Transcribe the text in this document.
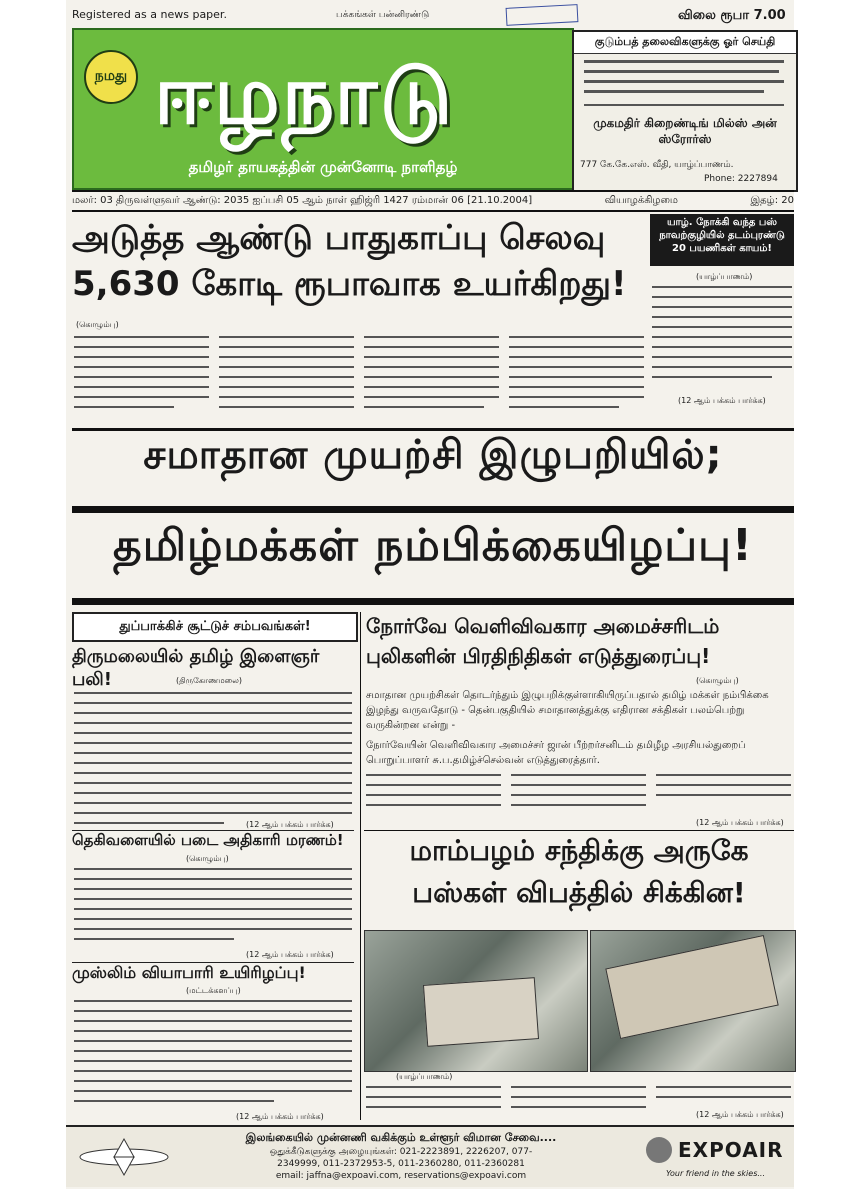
Registered as a news paper.	பக்கங்கள் பன்னிரண்டு	விலை ரூபா 7.00
நமது ஈழநாடு
தமிழர் தாயகத்தின் முன்னோடி நாளிதழ்
குடும்பத் தலைவிகளுக்கு ஓர் செய்தி
முகமதிர் கிறைண்டிங் மில்ஸ் அன் ஸ்ரோர்ஸ்
777 கே.கே.எஸ். வீதி, யாழ்ப்பாணம்.
Phone: 2227894
மலர்: 03 திருவள்ளுவர் ஆண்டு: 2035 ஐப்பசி 05 ஆம் நாள் ஹிஜ்ரி 1427 ரம்மான் 06 [21.10.2004]	வியாழக்கிழமை	இதழ்: 20
அடுத்த ஆண்டு பாதுகாப்பு செலவு
5,630 கோடி ரூபாவாக உயர்கிறது!
(கொழும்பு)
யாழ். நோக்கி வந்த பஸ் நாவற்குழியில் தடம்புரண்டு 20 பயணிகள் காயம்!
(யாழ்ப்பாணம்)
(12 ஆம் பக்கம் பார்க்க)
சமாதான முயற்சி இழுபறியில்;
தமிழ்மக்கள் நம்பிக்கையிழப்பு!
துப்பாக்கிச் சூட்டுச் சம்பவங்கள்!
திருமலையில் தமிழ் இளைஞர் பலி!	(திருகோணமலை)
(12 ஆம் பக்கம் பார்க்க)
தெகிவளையில் படை அதிகாரி மரணம்!
(கொழும்பு)
(12 ஆம் பக்கம் பார்க்க)
முஸ்லிம் வியாபாரி உயிரிழப்பு!
(மட்டக்களப்பு)
(12 ஆம் பக்கம் பார்க்க)
நோர்வே வெளிவிவகார அமைச்சரிடம்
புலிகளின் பிரதிநிதிகள் எடுத்துரைப்பு!
(கொழும்பு)
சமாதான முயற்சிகள் தொடர்ந்தும் இழுபறிக்குள்ளாகியிருப்பதால் தமிழ் மக்கள் நம்பிக்கை இழந்து வருவதோடு - தென்பகுதியில் சமாதானத்துக்கு எதிரான சக்திகள் பலம்பெற்று வருகின்றன என்று -
நோர்வேயின் வெளிவிவகார அமைச்சர் ஜான் பீற்றர்சனிடம் தமிழீழ அரசியல்துறைப் பொறுப்பாளர் சு.ப.தமிழ்ச்செல்வன் எடுத்துரைத்தார்.
(12 ஆம் பக்கம் பார்க்க)
மாம்பழம் சந்திக்கு அருகே
பஸ்கள் விபத்தில் சிக்கின!
(யாழ்ப்பாணம்)
(12 ஆம் பக்கம் பார்க்க)
இலங்கையில் முன்னணி வகிக்கும் உள்ளூர் விமான சேவை....
ஒதுக்கீடுகளுக்கு அழையுங்கள்: 021-2223891, 2226207, 077-
2349999, 011-2372953-5, 011-2360280, 011-2360281
email: jaffna@expoavi.com, reservations@expoavi.com
EXPOAIR
Your friend in the skies...
